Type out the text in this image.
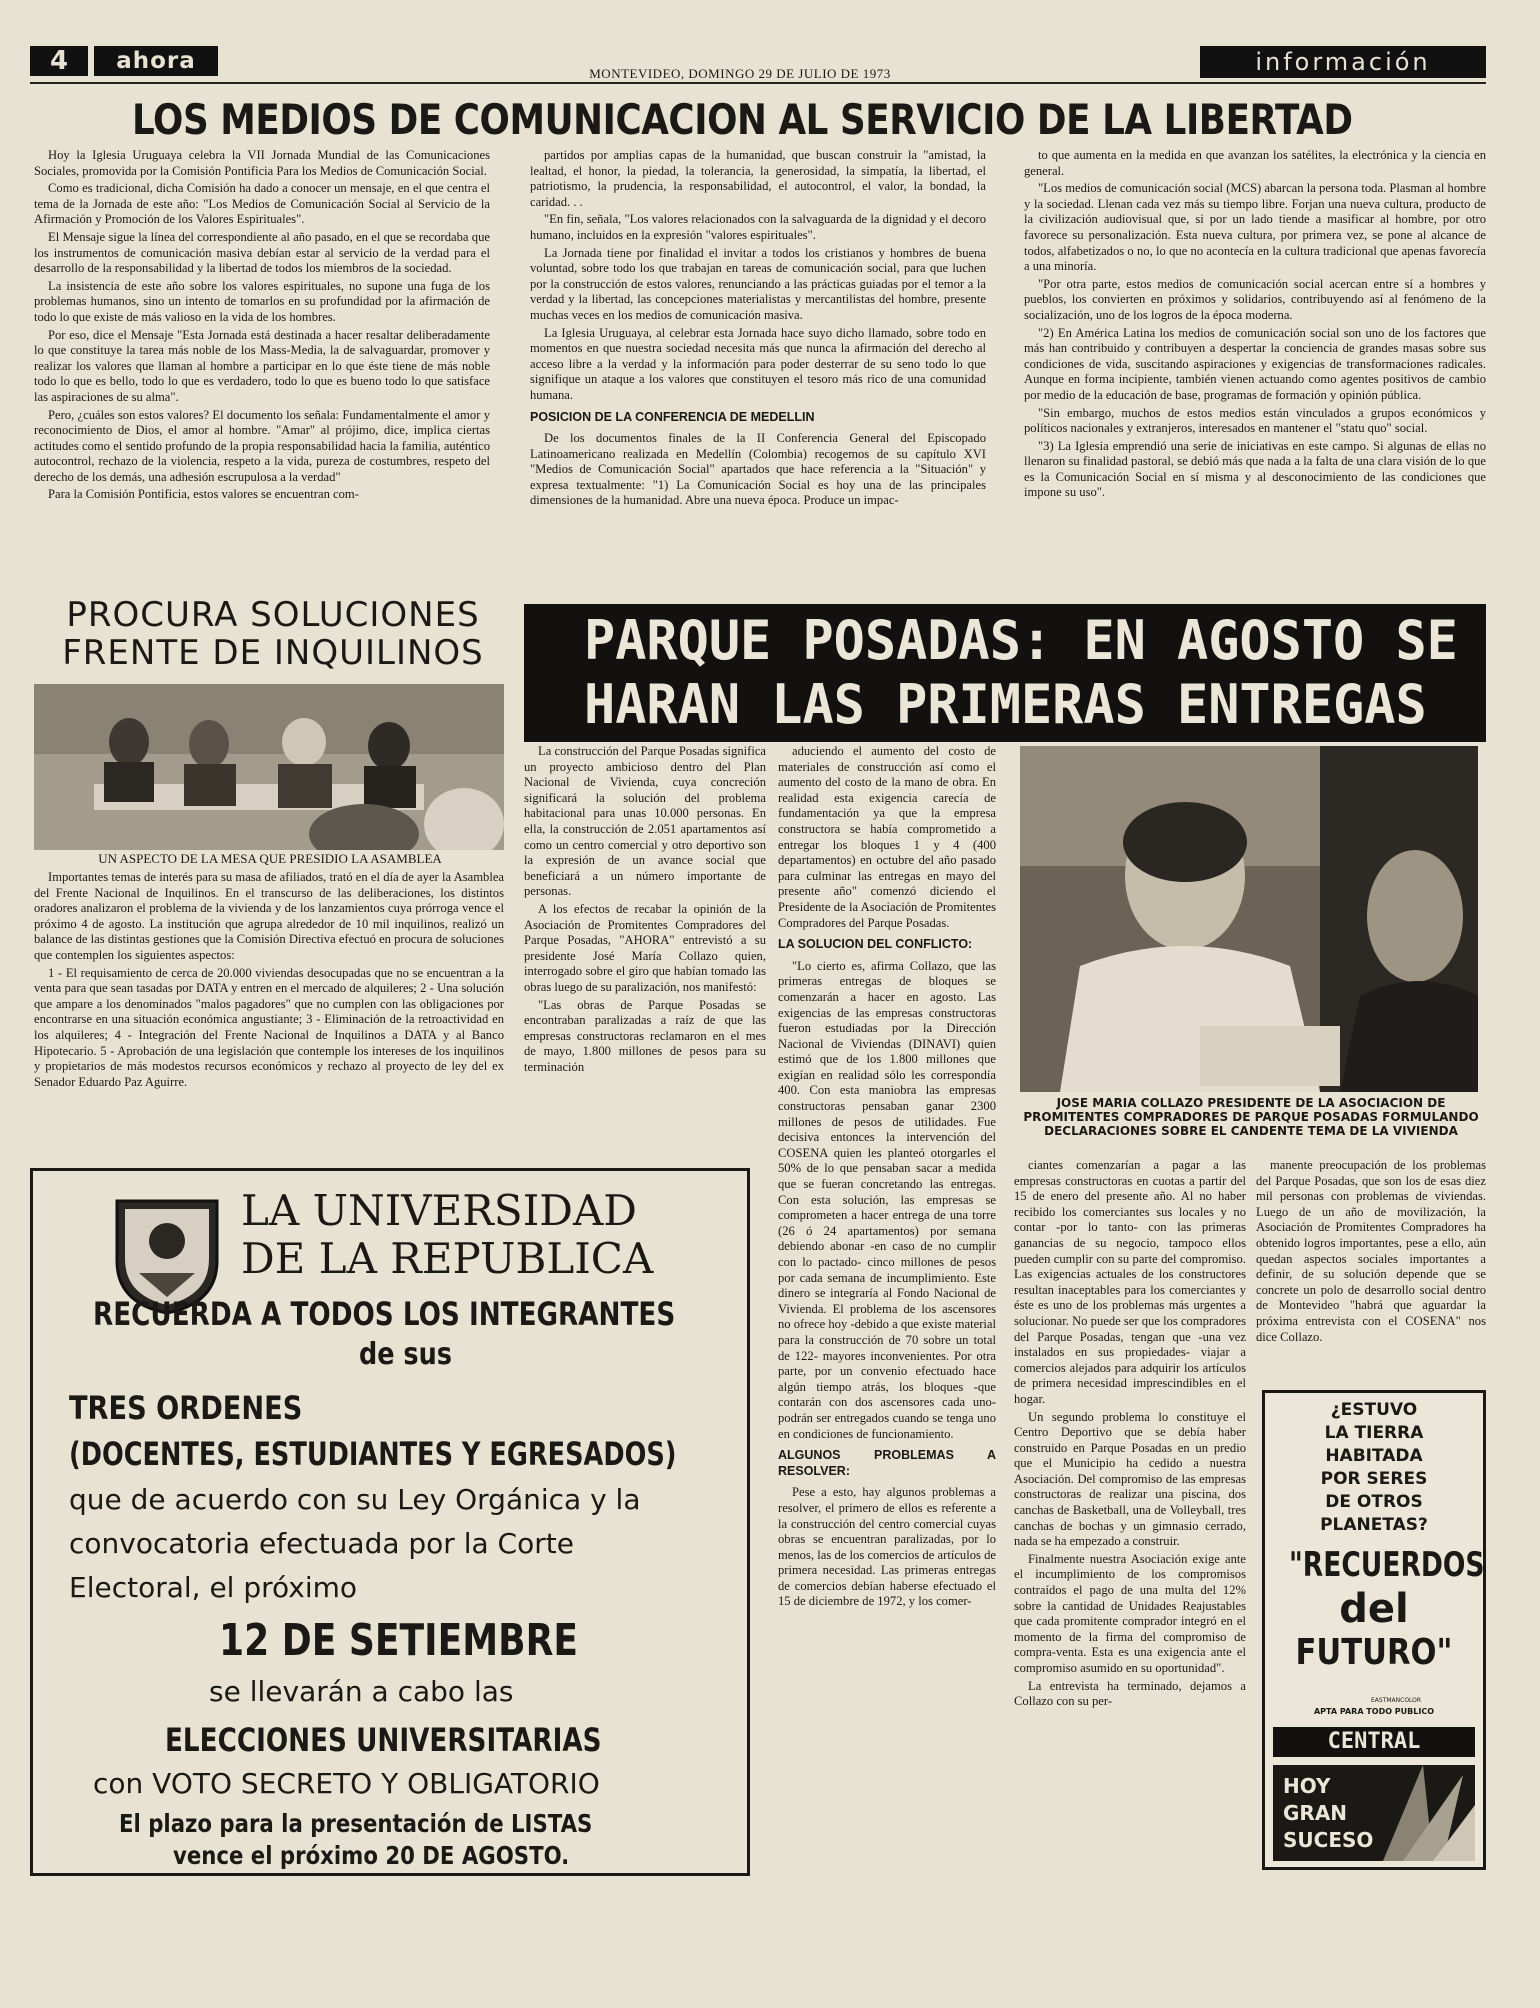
4	ahora	MONTEVIDEO, DOMINGO 29 DE JULIO DE 1973	información
LOS MEDIOS DE COMUNICACION AL SERVICIO DE LA LIBERTAD

Hoy la Iglesia Uruguaya celebra la VII Jornada Mundial de las Comunicaciones Sociales, promovida por la Comisión Pontificia Para los Medios de Comunicación Social.

Como es tradicional, dicha Comisión ha dado a conocer un mensaje, en el que centra el tema de la Jornada de este año: "Los Medios de Comunicación Social al Servicio de la Afirmación y Promoción de los Valores Espirituales".

El Mensaje sigue la línea del correspondiente al año pasado, en el que se recordaba que los instrumentos de comunicación masiva debían estar al servicio de la verdad para el desarrollo de la responsabilidad y la libertad de todos los miembros de la sociedad.

La insistencia de este año sobre los valores espirituales, no supone una fuga de los problemas humanos, sino un intento de tomarlos en su profundidad por la afirmación de todo lo que existe de más valioso en la vida de los hombres.

Por eso, dice el Mensaje "Esta Jornada está destinada a hacer resaltar deliberadamente lo que constituye la tarea más noble de los Mass-Media, la de salvaguardar, promover y realizar los valores que llaman al hombre a participar en lo que éste tiene de más noble todo lo que es bello, todo lo que es verdadero, todo lo que es bueno todo lo que satisface las aspiraciones de su alma".

Pero, ¿cuáles son estos valores? El documento los señala: Fundamentalmente el amor y reconocimiento de Dios, el amor al hombre. "Amar" al prójimo, dice, implica ciertas actitudes como el sentido profundo de la propia responsabilidad hacia la familia, auténtico autocontrol, rechazo de la violencia, respeto a la vida, pureza de costumbres, respeto del derecho de los demás, una adhesión escrupulosa a la verdad"

Para la Comisión Pontificia, estos valores se encuentran com-

partidos por amplias capas de la humanidad, que buscan construir la "amistad, la lealtad, el honor, la piedad, la tolerancia, la generosidad, la simpatía, la libertad, el patriotismo, la prudencia, la responsabilidad, el autocontrol, el valor, la bondad, la caridad. . .

"En fin, señala, "Los valores relacionados con la salvaguarda de la dignidad y el decoro humano, incluidos en la expresión "valores espirituales".

La Jornada tiene por finalidad el invitar a todos los cristianos y hombres de buena voluntad, sobre todo los que trabajan en tareas de comunicación social, para que luchen por la construcción de estos valores, renunciando a las prácticas guiadas por el temor a la verdad y la libertad, las concepciones materialistas y mercantilistas del hombre, presente muchas veces en los medios de comunicación masiva.

La Iglesia Uruguaya, al celebrar esta Jornada hace suyo dicho llamado, sobre todo en momentos en que nuestra sociedad necesita más que nunca la afirmación del derecho al acceso libre a la verdad y la información para poder desterrar de su seno todo lo que signifique un ataque a los valores que constituyen el tesoro más rico de una comunidad humana.

POSICION DE LA CONFERENCIA DE MEDELLIN

De los documentos finales de la II Conferencia General del Episcopado Latinoamericano realizada en Medellín (Colombia) recogemos de su capítulo XVI "Medios de Comunicación Social" apartados que hace referencia a la "Situación" y expresa textualmente: "1) La Comunicación Social es hoy una de las principales dimensiones de la humanidad. Abre una nueva época. Produce un impac-

to que aumenta en la medida en que avanzan los satélites, la electrónica y la ciencia en general.

"Los medios de comunicación social (MCS) abarcan la persona toda. Plasman al hombre y la sociedad. Llenan cada vez más su tiempo libre. Forjan una nueva cultura, producto de la civilización audiovisual que, si por un lado tiende a masificar al hombre, por otro favorece su personalización. Esta nueva cultura, por primera vez, se pone al alcance de todos, alfabetizados o no, lo que no acontecía en la cultura tradicional que apenas favorecía a una minoría.

"Por otra parte, estos medios de comunicación social acercan entre sí a hombres y pueblos, los convierten en próximos y solidarios, contribuyendo así al fenómeno de la socialización, uno de los logros de la época moderna.

"2) En América Latina los medios de comunicación social son uno de los factores que más han contribuido y contribuyen a despertar la conciencia de grandes masas sobre sus condiciones de vida, suscitando aspiraciones y exigencias de transformaciones radicales. Aunque en forma incipiente, también vienen actuando como agentes positivos de cambio por medio de la educación de base, programas de formación y opinión pública.

"Sin embargo, muchos de estos medios están vinculados a grupos económicos y políticos nacionales y extranjeros, interesados en mantener el "statu quo" social.

"3) La Iglesia emprendió una serie de iniciativas en este campo. Si algunas de ellas no llenaron su finalidad pastoral, se debió más que nada a la falta de una clara visión de lo que es la Comunicación Social en sí misma y al desconocimiento de las condiciones que impone su uso".

PROCURA SOLUCIONES
FRENTE DE INQUILINOS
UN ASPECTO DE LA MESA QUE PRESIDIO LA ASAMBLEA

Importantes temas de interés para su masa de afiliados, trató en el día de ayer la Asamblea del Frente Nacional de Inquilinos. En el transcurso de las deliberaciones, los distintos oradores analizaron el problema de la vivienda y de los lanzamientos cuya prórroga vence el próximo 4 de agosto. La institución que agrupa alrededor de 10 mil inquilinos, realizó un balance de las distintas gestiones que la Comisión Directiva efectuó en procura de soluciones que contemplen los siguientes aspectos:

1 - El requisamiento de cerca de 20.000 viviendas desocupadas que no se encuentran a la venta para que sean tasadas por DATA y entren en el mercado de alquileres; 2 - Una solución que ampare a los denominados "malos pagadores" que no cumplen con las obligaciones por encontrarse en una situación económica angustiante; 3 - Eliminación de la retroactividad en los alquileres; 4 - Integración del Frente Nacional de Inquilinos a DATA y al Banco Hipotecario. 5 - Aprobación de una legislación que contemple los intereses de los inquilinos y propietarios de más modestos recursos económicos y rechazo al proyecto de ley del ex Senador Eduardo Paz Aguirre.

PARQUE POSADAS: EN AGOSTO SE
HARAN LAS PRIMERAS ENTREGAS

La construcción del Parque Posadas significa un proyecto ambicioso dentro del Plan Nacional de Vivienda, cuya concreción significará la solución del problema habitacional para unas 10.000 personas. En ella, la construcción de 2.051 apartamentos así como un centro comercial y otro deportivo son la expresión de un avance social que beneficiará a un número importante de personas.

A los efectos de recabar la opinión de la Asociación de Promitentes Compradores del Parque Posadas, "AHORA" entrevistó a su presidente José María Collazo quien, interrogado sobre el giro que habían tomado las obras luego de su paralización, nos manifestó:

"Las obras de Parque Posadas se encontraban paralizadas a raíz de que las empresas constructoras reclamaron en el mes de mayo, 1.800 millones de pesos para su terminación

aduciendo el aumento del costo de materiales de construcción así como el aumento del costo de la mano de obra. En realidad esta exigencia carecía de fundamentación ya que la empresa constructora se había comprometido a entregar los bloques 1 y 4 (400 departamentos) en octubre del año pasado para culminar las entregas en mayo del presente año" comenzó diciendo el Presidente de la Asociación de Promitentes Compradores del Parque Posadas.

LA SOLUCION DEL CONFLICTO:

"Lo cierto es, afirma Collazo, que las primeras entregas de bloques se comenzarán a hacer en agosto. Las exigencias de las empresas constructoras fueron estudiadas por la Dirección Nacional de Viviendas (DINAVI) quien estimó que de los 1.800 millones que exigían en realidad sólo les correspondía 400. Con esta maniobra las empresas constructoras pensaban ganar 2300 millones de pesos de utilidades. Fue decisiva entonces la intervención del COSENA quien les planteó otorgarles el 50% de lo que pensaban sacar a medida que se fueran concretando las entregas. Con esta solución, las empresas se comprometen a hacer entrega de una torre (26 ó 24 apartamentos) por semana debiendo abonar -en caso de no cumplir con lo pactado- cinco millones de pesos por cada semana de incumplimiento. Este dinero se integraría al Fondo Nacional de Vivienda. El problema de los ascensores no ofrece hoy -debido a que existe material para la construcción de 70 sobre un total de 122- mayores inconvenientes. Por otra parte, por un convenio efectuado hace algún tiempo atrás, los bloques -que contarán con dos ascensores cada uno- podrán ser entregados cuando se tenga uno en condiciones de funcionamiento.

ALGUNOS PROBLEMAS A RESOLVER:

Pese a esto, hay algunos problemas a resolver, el primero de ellos es referente a la construcción del centro comercial cuyas obras se encuentran paralizadas, por lo menos, las de los comercios de artículos de primera necesidad. Las primeras entregas de comercios debían haberse efectuado el 15 de diciembre de 1972, y los comer-

JOSE MARIA COLLAZO PRESIDENTE DE LA ASOCIACION DE PROMITENTES COMPRADORES DE PARQUE POSADAS FORMULANDO DECLARACIONES SOBRE EL CANDENTE TEMA DE LA VIVIENDA

ciantes comenzarían a pagar a las empresas constructoras en cuotas a partir del 15 de enero del presente año. Al no haber recibido los comerciantes sus locales y no contar -por lo tanto- con las primeras ganancias de su negocio, tampoco ellos pueden cumplir con su parte del compromiso. Las exigencias actuales de los constructores resultan inaceptables para los comerciantes y éste es uno de los problemas más urgentes a solucionar. No puede ser que los compradores del Parque Posadas, tengan que -una vez instalados en sus propiedades- viajar a comercios alejados para adquirir los artículos de primera necesidad imprescindibles en el hogar.

Un segundo problema lo constituye el Centro Deportivo que se debía haber construido en Parque Posadas en un predio que el Municipio ha cedido a nuestra Asociación. Del compromiso de las empresas constructoras de realizar una piscina, dos canchas de Basketball, una de Volleyball, tres canchas de bochas y un gimnasio cerrado, nada se ha empezado a construir.

Finalmente nuestra Asociación exige ante el incumplimiento de los compromisos contraídos el pago de una multa del 12% sobre la cantidad de Unidades Reajustables que cada promitente comprador integró en el momento de la firma del compromiso de compra-venta. Esta es una exigencia ante el compromiso asumido en su oportunidad".

La entrevista ha terminado, dejamos a Collazo con su per-

manente preocupación de los problemas del Parque Posadas, que son los de esas diez mil personas con problemas de viviendas. Luego de un año de movilización, la Asociación de Promitentes Compradores ha obtenido logros importantes, pese a ello, aún quedan aspectos sociales importantes a definir, de su solución depende que se concrete un polo de desarrollo social dentro de Montevideo "habrá que aguardar la próxima entrevista con el COSENA" nos dice Collazo.

LA UNIVERSIDAD
DE LA REPUBLICA
RECUERDA A TODOS LOS INTEGRANTES
de sus
TRES ORDENES
(DOCENTES, ESTUDIANTES Y EGRESADOS)
que de acuerdo con su Ley Orgánica y la
convocatoria efectuada por la Corte
Electoral, el próximo
12 DE SETIEMBRE
se llevarán a cabo las
ELECCIONES UNIVERSITARIAS
con VOTO SECRETO Y OBLIGATORIO
El plazo para la presentación de LISTAS
vence el próximo 20 DE AGOSTO.
¿ESTUVO
LA TIERRA
HABITADA
POR SERES
DE OTROS
PLANETAS?
"RECUERDOS
del
FUTURO"
EASTMANCOLOR
APTA PARA TODO PUBLICO
CENTRAL
HOY
GRAN
SUCESO
